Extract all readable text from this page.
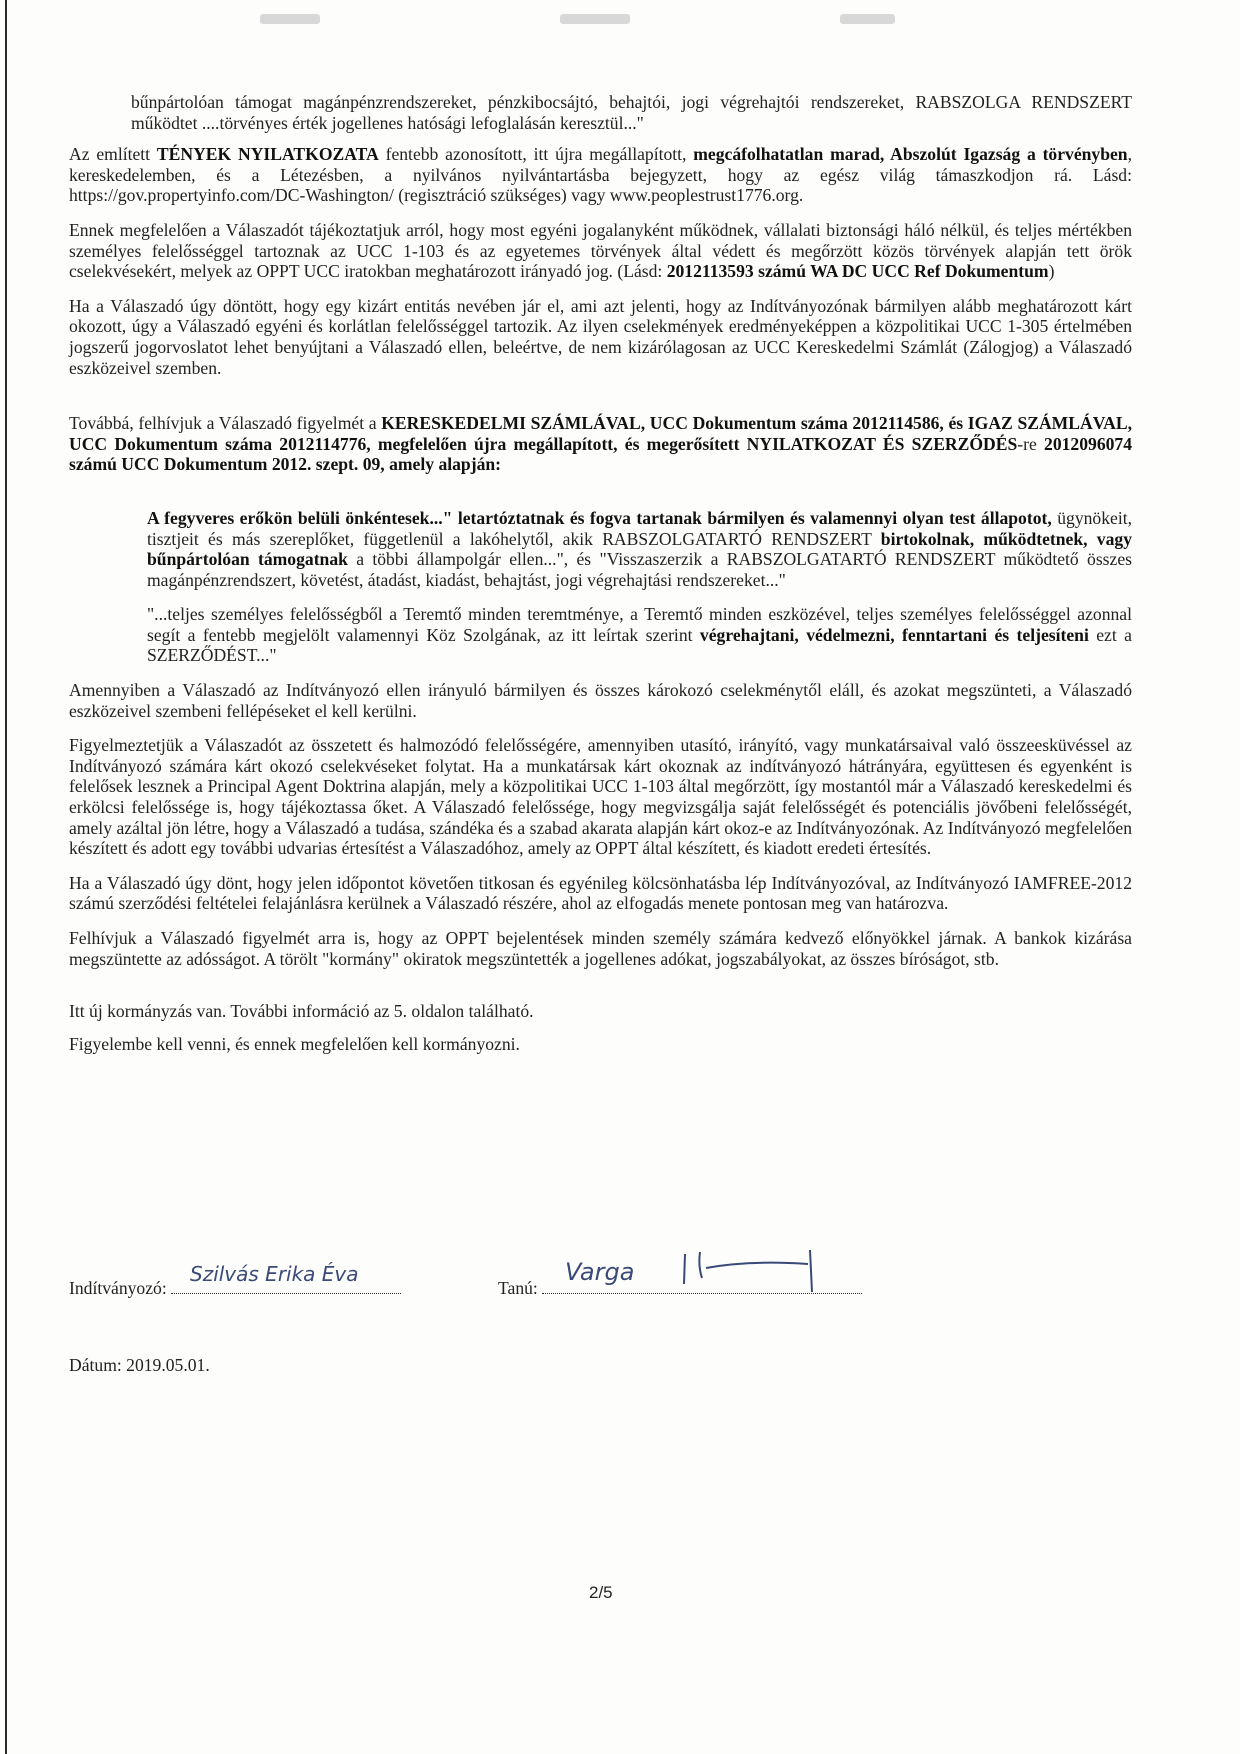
bűnpártolóan támogat magánpénzrendszereket, pénzkibocsájtó, behajtói, jogi végrehajtói rendszereket, RABSZOLGA RENDSZERT működtet ....törvényes érték jogellenes hatósági lefoglalásán keresztül..."

Az említett TÉNYEK NYILATKOZATA fentebb azonosított, itt újra megállapított, megcáfolhatatlan marad, Abszolút Igazság a törvényben, kereskedelemben, és a Létezésben, a nyilvános nyilvántartásba bejegyzett, hogy az egész világ támaszkodjon rá. Lásd: https://gov.propertyinfo.com/DC-Washington/ (regisztráció szükséges) vagy www.peoplestrust1776.org.

Ennek megfelelően a Válaszadót tájékoztatjuk arról, hogy most egyéni jogalanyként működnek, vállalati biztonsági háló nélkül, és teljes mértékben személyes felelősséggel tartoznak az UCC 1-103 és az egyetemes törvények által védett és megőrzött közös törvények alapján tett örök cselekvésekért, melyek az OPPT UCC iratokban meghatározott irányadó jog. (Lásd: 2012113593 számú WA DC UCC Ref Dokumentum)

Ha a Válaszadó úgy döntött, hogy egy kizárt entitás nevében jár el, ami azt jelenti, hogy az Indítványozónak bármilyen alább meghatározott kárt okozott, úgy a Válaszadó egyéni és korlátlan felelősséggel tartozik. Az ilyen cselekmények eredményeképpen a közpolitikai UCC 1-305 értelmében jogszerű jogorvoslatot lehet benyújtani a Válaszadó ellen, beleértve, de nem kizárólagosan az UCC Kereskedelmi Számlát (Zálogjog) a Válaszadó eszközeivel szemben.

Továbbá, felhívjuk a Válaszadó figyelmét a KERESKEDELMI SZÁMLÁVAL, UCC Dokumentum száma 2012114586, és IGAZ SZÁMLÁVAL, UCC Dokumentum száma 2012114776, megfelelően újra megállapított, és megerősített NYILATKOZAT ÉS SZERZŐDÉS-re 2012096074 számú UCC Dokumentum 2012. szept. 09, amely alapján:

A fegyveres erőkön belüli önkéntesek..." letartóztatnak és fogva tartanak bármilyen és valamennyi olyan test állapotot, ügynökeit, tisztjeit és más szereplőket, függetlenül a lakóhelytől, akik RABSZOLGATARTÓ RENDSZERT birtokolnak, működtetnek, vagy bűnpártolóan támogatnak a többi állampolgár ellen...", és "Visszaszerzik a RABSZOLGATARTÓ RENDSZERT működtető összes magánpénzrendszert, követést, átadást, kiadást, behajtást, jogi végrehajtási rendszereket..."

"...teljes személyes felelősségből a Teremtő minden teremtménye, a Teremtő minden eszközével, teljes személyes felelősséggel azonnal segít a fentebb megjelölt valamennyi Köz Szolgának, az itt leírtak szerint végrehajtani, védelmezni, fenntartani és teljesíteni ezt a SZERZŐDÉST..."

Amennyiben a Válaszadó az Indítványozó ellen irányuló bármilyen és összes károkozó cselekménytől eláll, és azokat megszünteti, a Válaszadó eszközeivel szembeni fellépéseket el kell kerülni.

Figyelmeztetjük a Válaszadót az összetett és halmozódó felelősségére, amennyiben utasító, irányító, vagy munkatársaival való összeesküvéssel az Indítványozó számára kárt okozó cselekvéseket folytat. Ha a munkatársak kárt okoznak az indítványozó hátrányára, együttesen és egyenként is felelősek lesznek a Principal Agent Doktrina alapján, mely a közpolitikai UCC 1-103 által megőrzött, így mostantól már a Válaszadó kereskedelmi és erkölcsi felelőssége is, hogy tájékoztassa őket. A Válaszadó felelőssége, hogy megvizsgálja saját felelősségét és potenciális jövőbeni felelősségét, amely azáltal jön létre, hogy a Válaszadó a tudása, szándéka és a szabad akarata alapján kárt okoz-e az Indítványozónak. Az Indítványozó megfelelően készített és adott egy további udvarias értesítést a Válaszadóhoz, amely az OPPT által készített, és kiadott eredeti értesítés.

Ha a Válaszadó úgy dönt, hogy jelen időpontot követően titkosan és egyénileg kölcsönhatásba lép Indítványozóval, az Indítványozó IAMFREE-2012 számú szerződési feltételei felajánlásra kerülnek a Válaszadó részére, ahol az elfogadás menete pontosan meg van határozva.

Felhívjuk a Válaszadó figyelmét arra is, hogy az OPPT bejelentések minden személy számára kedvező előnyökkel járnak. A bankok kizárása megszüntette az adósságot. A törölt "kormány" okiratok megszüntették a jogellenes adókat, jogszabályokat, az összes bíróságot, stb.

Itt új kormányzás van. További információ az 5. oldalon található.

Figyelembe kell venni, és ennek megfelelően kell kormányozni.

Indítványozó:
Szilvás Erika Éva
Tanú:
Varga
Dátum: 2019.05.01.
2/5
